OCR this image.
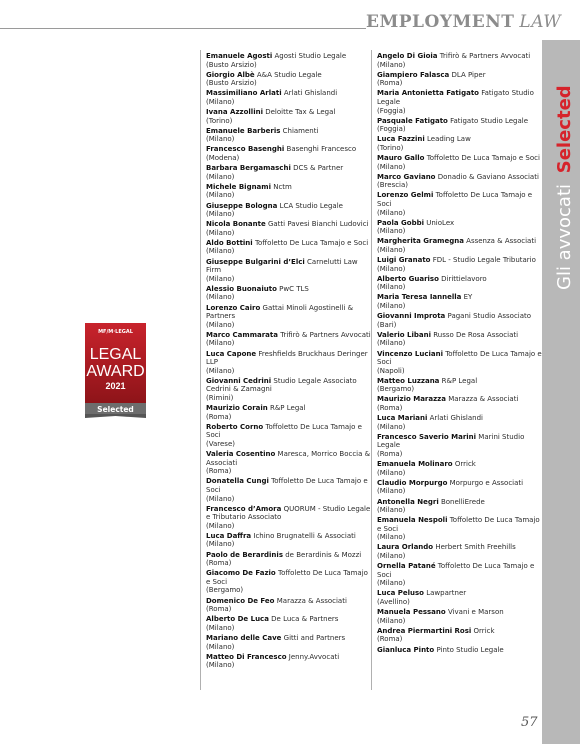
EMPLOYMENT LAW
Gli avvocati Selected
MF/M·LEGAL
LEGAL
AWARD
2021
Selected
Emanuele Agosti Agosti Studio Legale
(Busto Arsizio)
Giorgio Albè A&A Studio Legale
(Busto Arsizio)
Massimiliano Arlati Arlati Ghislandi
(Milano)
Ivana Azzollini Deloitte Tax & Legal
(Torino)
Emanuele Barberis Chiamenti
(Milano)
Francesco Basenghi Basenghi Francesco
(Modena)
Barbara Bergamaschi DCS & Partner
(Milano)
Michele Bignami Nctm
(Milano)
Giuseppe Bologna LCA Studio Legale
(Milano)
Nicola Bonante Gatti Pavesi Bianchi Ludovici
(Milano)
Aldo Bottini Toffoletto De Luca Tamajo e Soci
(Milano)
Giuseppe Bulgarini d’Elci Carnelutti Law Firm
(Milano)
Alessio Buonaiuto PwC TLS
(Milano)
Lorenzo Cairo Gattai Minoli Agostinelli & Partners
(Milano)
Marco Cammarata Trifirò & Partners Avvocati
(Milano)
Luca Capone Freshfields Bruckhaus Deringer LLP
(Milano)
Giovanni Cedrini Studio Legale Associato Cedrini & Zamagni
(Rimini)
Maurizio Corain R&P Legal
(Roma)
Roberto Corno Toffoletto De Luca Tamajo e Soci
(Varese)
Valeria Cosentino Maresca, Morrico Boccia & Associati
(Roma)
Donatella Cungi Toffoletto De Luca Tamajo e Soci
(Milano)
Francesco d’Amora QUORUM - Studio Legale e Tributario Associato
(Milano)
Luca Daffra Ichino Brugnatelli & Associati
(Milano)
Paolo de Berardinis de Berardinis & Mozzi
(Roma)
Giacomo De Fazio Toffoletto De Luca Tamajo e Soci
(Bergamo)
Domenico De Feo Marazza & Associati
(Roma)
Alberto De Luca De Luca & Partners
(Milano)
Mariano delle Cave Gitti and Partners
(Milano)
Matteo Di Francesco Jenny.Avvocati
(Milano)
Angelo Di Gioia Trifirò & Partners Avvocati
(Milano)
Giampiero Falasca DLA Piper
(Roma)
Maria Antonietta Fatigato Fatigato Studio Legale
(Foggia)
Pasquale Fatigato Fatigato Studio Legale
(Foggia)
Luca Fazzini Leading Law
(Torino)
Mauro Gallo Toffoletto De Luca Tamajo e Soci
(Milano)
Marco Gaviano Donadio & Gaviano Associati
(Brescia)
Lorenzo Gelmi Toffoletto De Luca Tamajo e Soci
(Milano)
Paola Gobbi UnioLex
(Milano)
Margherita Gramegna Assenza & Associati
(Milano)
Luigi Granato FDL - Studio Legale Tributario
(Milano)
Alberto Guariso Dirittielavoro
(Milano)
Maria Teresa Iannella EY
(Milano)
Giovanni Improta Pagani Studio Associato
(Bari)
Valerio Libani Russo De Rosa Associati
(Milano)
Vincenzo Luciani Toffoletto De Luca Tamajo e Soci
(Napoli)
Matteo Luzzana R&P Legal
(Bergamo)
Maurizio Marazza Marazza & Associati
(Roma)
Luca Mariani Arlati Ghislandi
(Milano)
Francesco Saverio Marini Marini Studio Legale
(Roma)
Emanuela Molinaro Orrick
(Milano)
Claudio Morpurgo Morpurgo e Associati
(Milano)
Antonella Negri BonelliErede
(Milano)
Emanuela Nespoli Toffoletto De Luca Tamajo e Soci
(Milano)
Laura Orlando Herbert Smith Freehills
(Milano)
Ornella Patané Toffoletto De Luca Tamajo e Soci
(Milano)
Luca Peluso Lawpartner
(Avellino)
Manuela Pessano Vivani e Marson
(Milano)
Andrea Piermartini Rosi Orrick
(Roma)
Gianluca Pinto Pinto Studio Legale
57
